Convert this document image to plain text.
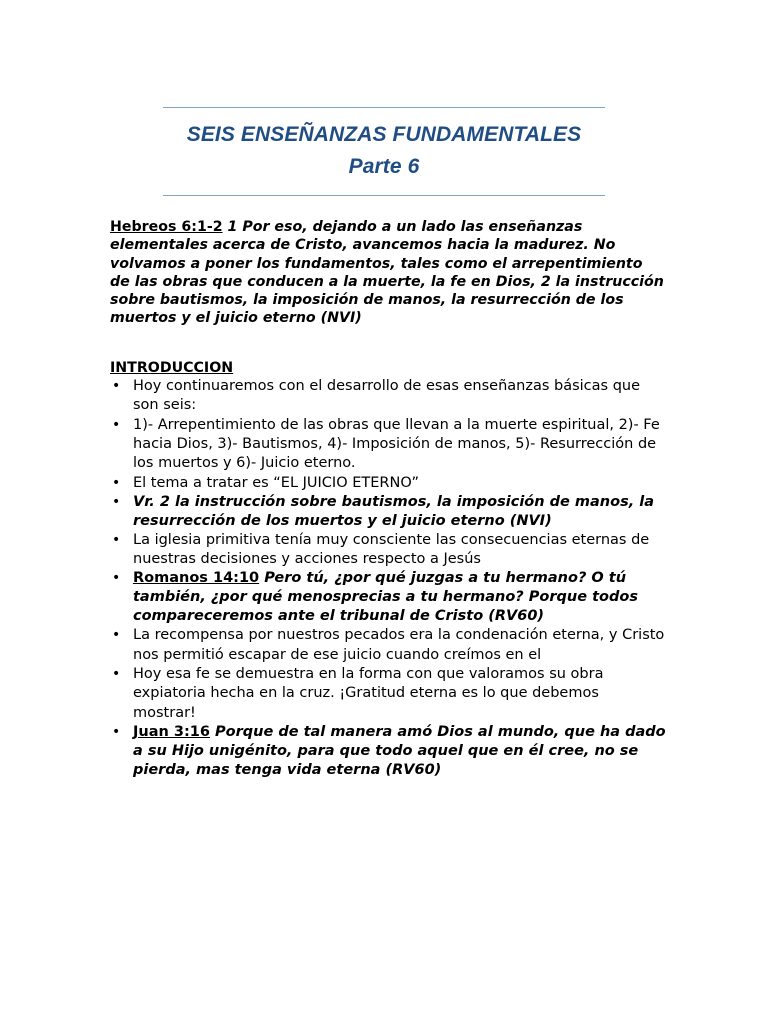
SEIS ENSEÑANZAS FUNDAMENTALES
Parte 6
Hebreos 6:1-2 1 Por eso, dejando a un lado las enseñanzas elementales acerca de Cristo, avancemos hacia la madurez. No volvamos a poner los fundamentos, tales como el arrepentimiento de las obras que conducen a la muerte, la fe en Dios, 2 la instrucción sobre bautismos, la imposición de manos, la resurrección de los muertos y el juicio eterno (NVI)
INTRODUCCION
• Hoy continuaremos con el desarrollo de esas enseñanzas básicas que son seis:
• 1)- Arrepentimiento de las obras que llevan a la muerte espiritual, 2)- Fe hacia Dios, 3)- Bautismos, 4)- Imposición de manos, 5)- Resurrección de los muertos y 6)- Juicio eterno.
• El tema a tratar es “EL JUICIO ETERNO”
• Vr. 2 la instrucción sobre bautismos, la imposición de manos, la resurrección de los muertos y el juicio eterno (NVI)
• La iglesia primitiva tenía muy consciente las consecuencias eternas de nuestras decisiones y acciones respecto a Jesús
• Romanos 14:10 Pero tú, ¿por qué juzgas a tu hermano? O tú también, ¿por qué menosprecias a tu hermano? Porque todos compareceremos ante el tribunal de Cristo (RV60)
• La recompensa por nuestros pecados era la condenación eterna, y Cristo nos permitió escapar de ese juicio cuando creímos en el
• Hoy esa fe se demuestra en la forma con que valoramos su obra expiatoria hecha en la cruz. ¡Gratitud eterna es lo que debemos mostrar!
• Juan 3:16 Porque de tal manera amó Dios al mundo, que ha dado a su Hijo unigénito, para que todo aquel que en él cree, no se pierda, mas tenga vida eterna (RV60)
